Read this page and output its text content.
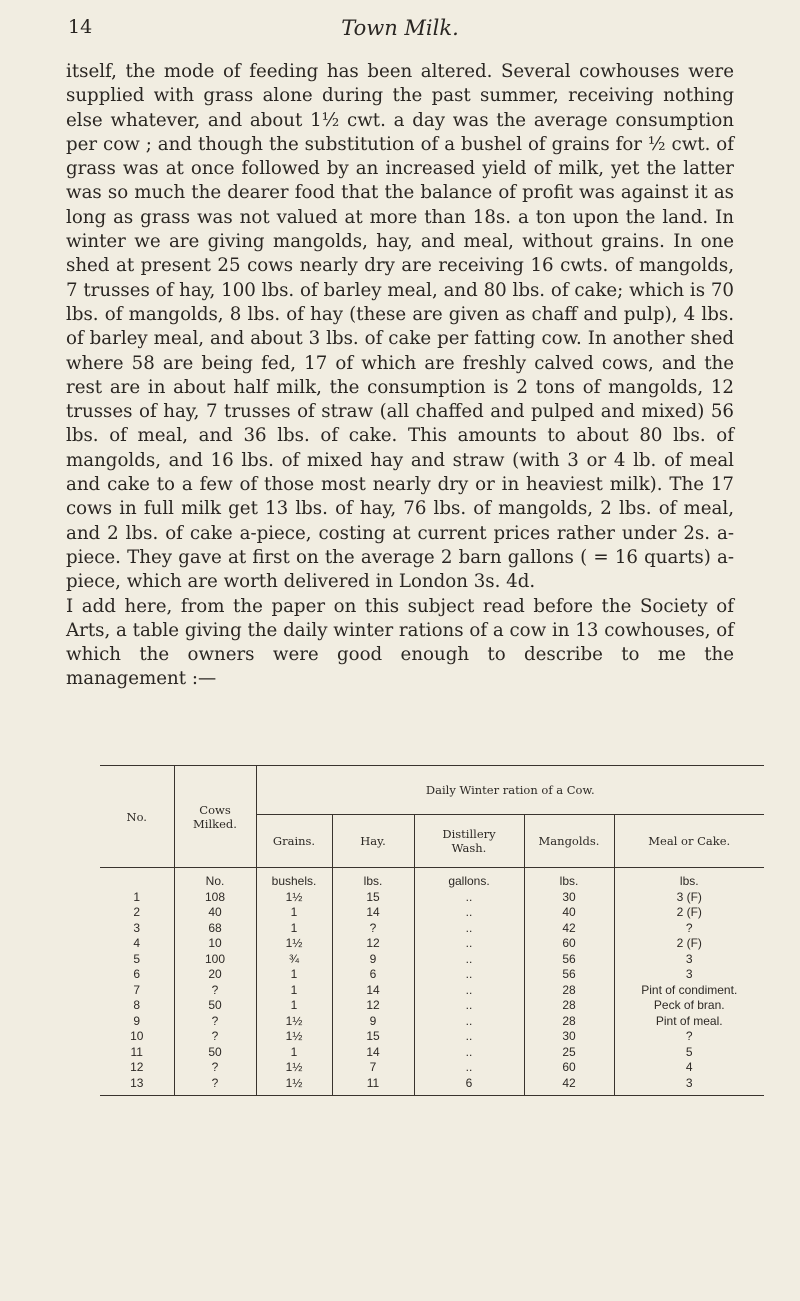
14	Town Milk.

itself, the mode of feeding has been altered. Several cowhouses were supplied with grass alone during the past summer, receiving nothing else whatever, and about 1½ cwt. a day was the average consumption per cow ; and though the substitution of a bushel of grains for ½ cwt. of grass was at once followed by an increased yield of milk, yet the latter was so much the dearer food that the balance of profit was against it as long as grass was not valued at more than 18s. a ton upon the land. In winter we are giving mangolds, hay, and meal, without grains. In one shed at present 25 cows nearly dry are receiving 16 cwts. of mangolds, 7 trusses of hay, 100 lbs. of barley meal, and 80 lbs. of cake; which is 70 lbs. of mangolds, 8 lbs. of hay (these are given as chaff and pulp), 4 lbs. of barley meal, and about 3 lbs. of cake per fatting cow. In another shed where 58 are being fed, 17 of which are freshly calved cows, and the rest are in about half milk, the consumption is 2 tons of mangolds, 12 trusses of hay, 7 trusses of straw (all chaffed and pulped and mixed) 56 lbs. of meal, and 36 lbs. of cake. This amounts to about 80 lbs. of mangolds, and 16 lbs. of mixed hay and straw (with 3 or 4 lb. of meal and cake to a few of those most nearly dry or in heaviest milk). The 17 cows in full milk get 13 lbs. of hay, 76 lbs. of mangolds, 2 lbs. of meal, and 2 lbs. of cake a-piece, costing at current prices rather under 2s. a-piece. They gave at first on the average 2 barn gallons ( = 16 quarts) a-piece, which are worth delivered in London 3s. 4d.

I add here, from the paper on this subject read before the Society of Arts, a table giving the daily winter rations of a cow in 13 cowhouses, of which the owners were good enough to describe to me the management :—

No.	Cows Milked.	Daily Winter ration of a Cow.				
		Grains.	Hay.	Distillery Wash.	Mangolds.	Meal or Cake.
	No.	bushels.	lbs.	gallons.	lbs.	lbs.
1	108	1½	15	..	30	3 (F)
2	40	1	14	..	40	2 (F)
3	68	1	?	..	42	?
4	10	1½	12	..	60	2 (F)
5	100	¾	9	..	56	3
6	20	1	6	..	56	3
7	?	1	14	..	28	Pint of condiment.
8	50	1	12	..	28	Peck of bran.
9	?	1½	9	..	28	Pint of meal.
10	?	1½	15	..	30	?
11	50	1	14	..	25	5
12	?	1½	7	..	60	4
13	?	1½	11	6	42	3
